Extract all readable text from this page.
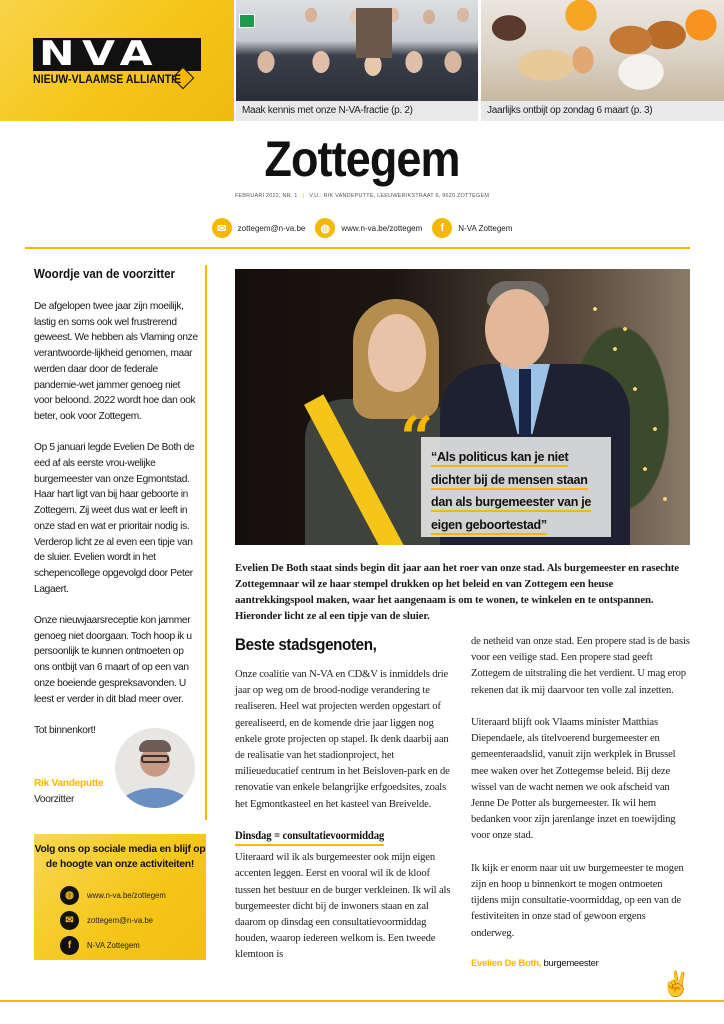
NVA
NIEUW-VLAAMSE ALLIANTIE
Maak kennis met onze N-VA-fractie (p. 2)	Jaarlijks ontbijt op zondag 6 maart (p. 3)
Zottegem
FEBRUARI 2022, NR. 1 | V.U.: RIK VANDEPUTTE, LEEUWERIKSTRAAT 6, 9620 ZOTTEGEM
✉	zottegem@n-va.be	◍	www.n-va.be/zottegem	f	N-VA Zottegem
Woordje van de voorzitter

De afgelopen twee jaar zijn moeilijk, lastig en soms ook wel frustrerend geweest. We hebben als Vlaming onze verantwoorde-lijkheid genomen, maar werden daar door de federale pandemie-wet jammer genoeg niet voor beloond. 2022 wordt hoe dan ook beter, ook voor Zottegem.

Op 5 januari legde Evelien De Both de eed af als eerste vrou-welijke burgemeester van onze Egmontstad. Haar hart ligt van bij haar geboorte in Zottegem. Zij weet dus wat er leeft in onze stad en wat er prioritair nodig is. Verderop licht ze al even een tipje van de sluier. Evelien wordt in het schepencollege opgevolgd door Peter Lagaert.

Onze nieuwjaarsreceptie kon jammer genoeg niet doorgaan. Toch hoop ik u persoonlijk te kunnen ontmoeten op ons ontbijt van 6 maart of op een van onze boeiende gespreksavonden. U leest er verder in dit blad meer over.

Tot binnenkort!

Rik Vandeputte
Voorzitter
Volg ons op sociale media en blijf op de hoogte van onze activiteiten!
◍	www.n-va.be/zottegem
✉	zottegem@n-va.be
f	N-VA Zottegem
“Als politicus kan je niet
dichter bij de mensen staan
dan als burgemeester van je
eigen geboortestad”
“
Evelien De Both staat sinds begin dit jaar aan het roer van onze stad. Als burgemeester en rasechte Zottegemnaar wil ze haar stempel drukken op het beleid en van Zottegem een heuse aantrekkingspool maken, waar het aangenaam is om te wonen, te winkelen en te ontspannen. Hieronder licht ze al een tipje van de sluier.
Beste stadsgenoten,

Onze coalitie van N-VA en CD&V is inmiddels drie jaar op weg om de brood-nodige verandering te realiseren. Heel wat projecten werden opgestart of gerealiseerd, en de komende drie jaar liggen nog enkele grote projecten op stapel. Ik denk daarbij aan de realisatie van het stadionproject, het milieueducatief centrum in het Beisloven-park en de renovatie van enkele belangrijke erfgoedsites, zoals het Egmontkasteel en het kasteel van Breivelde.

Dinsdag = consultatievoormiddag

Uiteraard wil ik als burgemeester ook mijn eigen accenten leggen. Eerst en vooral wil ik de kloof tussen het bestuur en de burger verkleinen. Ik wil als burgemeester dicht bij de inwoners staan en zal daarom op dinsdag een consultatievoormiddag houden, waarop iedereen welkom is. Een tweede klemtoon is

de netheid van onze stad. Een propere stad is de basis voor een veilige stad. Een propere stad geeft Zottegem de uitstraling die het verdient. U mag erop rekenen dat ik mij daarvoor ten volle zal inzetten.

Uiteraard blijft ook Vlaams minister Matthias Diependaele, als titelvoerend burgemeester en gemeenteraadslid, vanuit zijn werkplek in Brussel mee waken over het Zottegemse beleid. Bij deze wissel van de wacht nemen we ook afscheid van Jenne De Potter als burgemeester. Ik wil hem bedanken voor zijn jarenlange inzet en toewijding voor onze stad.

Ik kijk er enorm naar uit uw burgemeester te mogen zijn en hoop u binnenkort te mogen ontmoeten tijdens mijn consultatie-voormiddag, op een van de festiviteiten in onze stad of gewoon ergens onderweg.

Evelien De Both, burgemeester
✌
